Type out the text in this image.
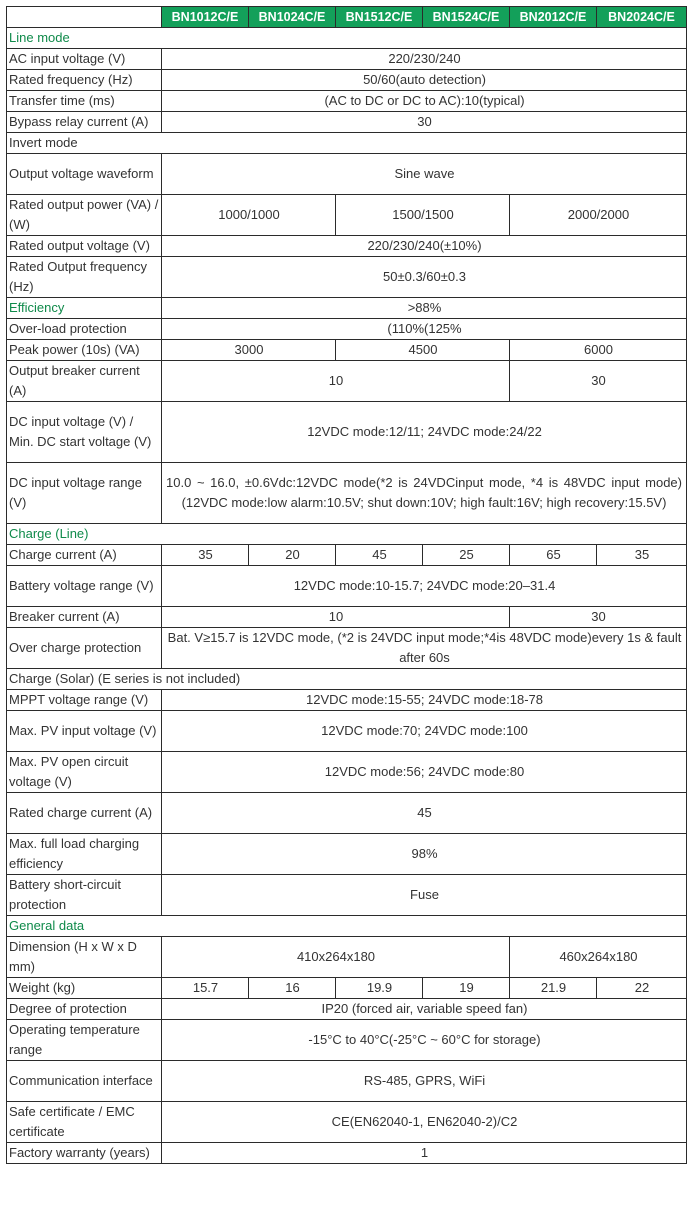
	BN1012C/E	BN1024C/E	BN1512C/E	BN1524C/E	BN2012C/E	BN2024C/E
Line mode						
AC input voltage (V)	220/230/240					
Rated frequency (Hz)	50/60(auto detection)					
Transfer time (ms)	(AC to DC or DC to AC):10(typical)					
Bypass relay current (A)	30					
Invert mode						
Output voltage waveform	Sine wave					
Rated output power (VA) / (W)	1000/1000		1500/1500		2000/2000	
Rated output voltage (V)	220/230/240(±10%)					
Rated Output frequency (Hz)	50±0.3/60±0.3					
Efficiency	>88%					
Over-load protection	(110%(125%					
Peak power (10s) (VA)	3000		4500		6000	
Output breaker current (A)	10				30	
DC input voltage (V) / Min. DC start voltage (V)	12VDC mode:12/11; 24VDC mode:24/22					
DC input voltage range (V)	10.0 ~ 16.0, ±0.6Vdc:12VDC mode(*2 is 24VDCinput mode, *4 is 48VDC input mode) (12VDC mode:low alarm:10.5V; shut down:10V; high fault:16V; high recovery:15.5V)					
Charge (Line)						
Charge current (A)	35	20	45	25	65	35
Battery voltage range (V)	12VDC mode:10-15.7; 24VDC mode:20–31.4					
Breaker current (A)	10				30	
Over charge protection	Bat. V≥15.7 is 12VDC mode, (*2 is 24VDC input mode;*4is 48VDC mode)every 1s & fault after 60s					
Charge (Solar) (E series is not included)						
MPPT voltage range (V)	12VDC mode:15-55; 24VDC mode:18-78					
Max. PV input voltage (V)	12VDC mode:70; 24VDC mode:100					
Max. PV open circuit voltage (V)	12VDC mode:56; 24VDC mode:80					
Rated charge current (A)	45					
Max. full load charging efficiency	98%					
Battery short-circuit protection	Fuse					
General data						
Dimension (H x W x D mm)	410x264x180				460x264x180	
Weight (kg)	15.7	16	19.9	19	21.9	22
Degree of protection	IP20 (forced air, variable speed fan)					
Operating temperature range	-15°C to 40°C(-25°C ~ 60°C for storage)					
Communication interface	RS-485, GPRS, WiFi					
Safe certificate / EMC certificate	CE(EN62040-1, EN62040-2)/C2					
Factory warranty (years)	1					
